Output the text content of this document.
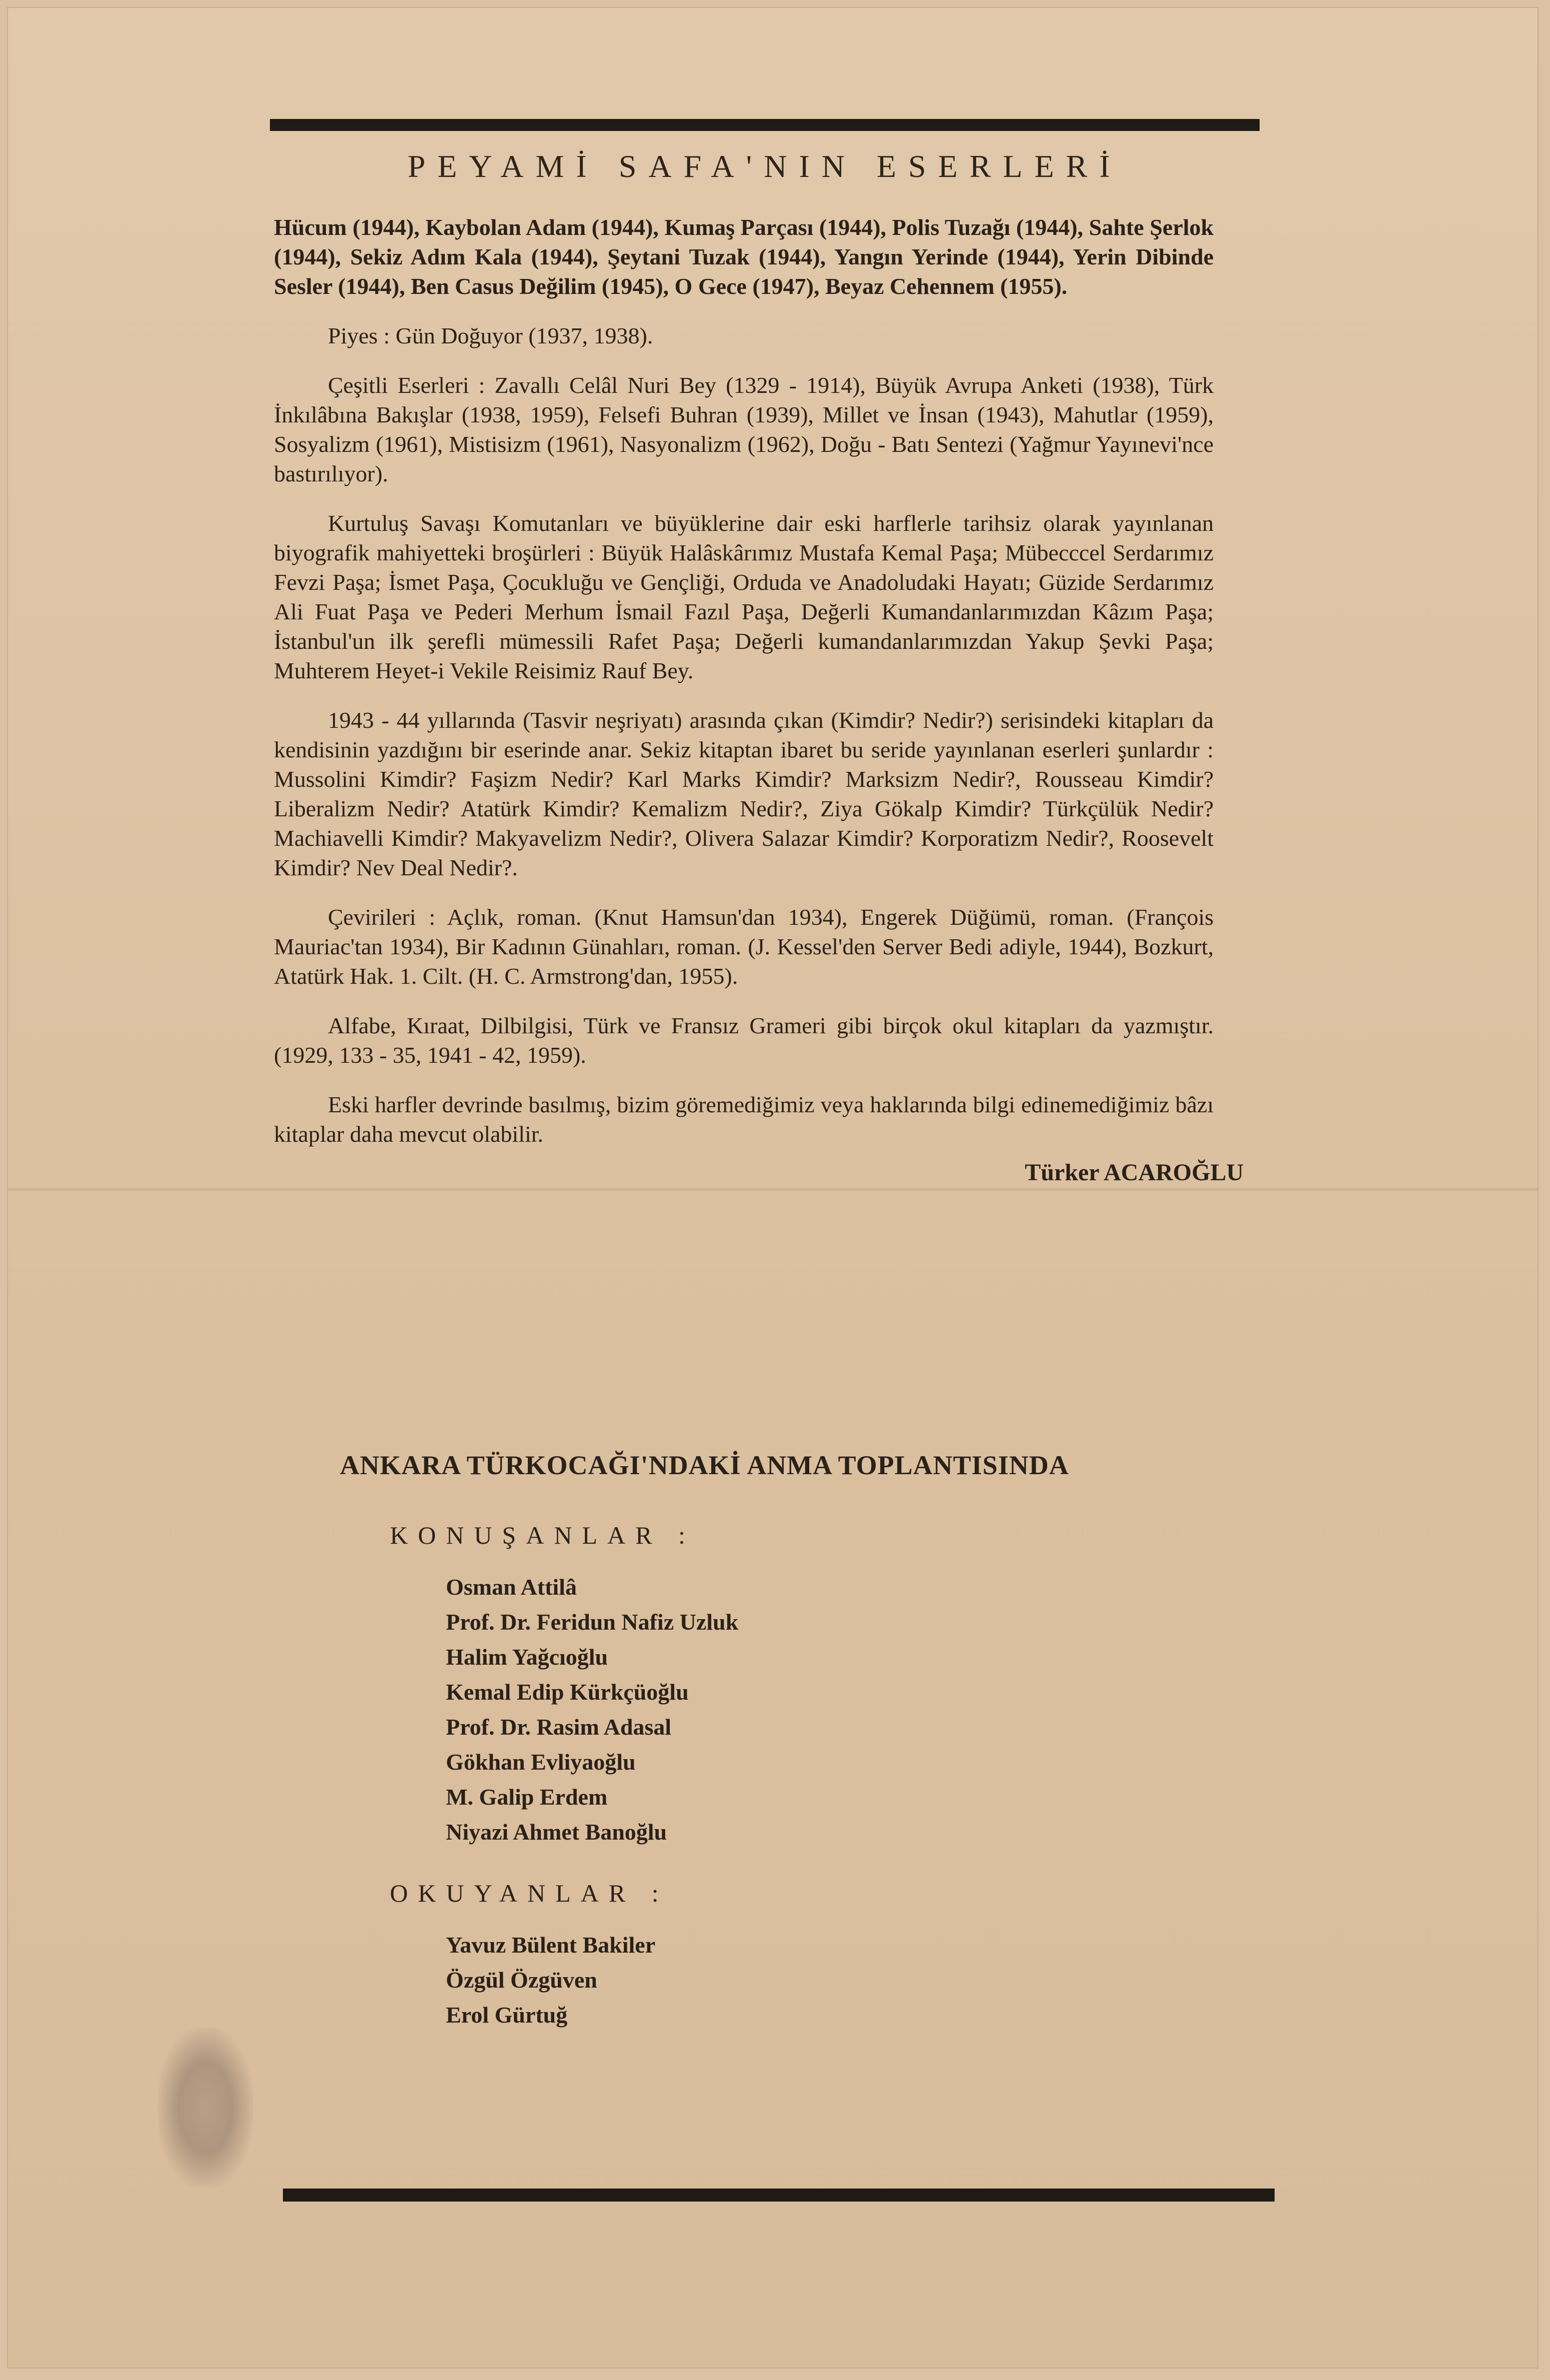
PEYAMİ SAFA'NIN ESERLERİ

Hücum (1944), Kaybolan Adam (1944), Kumaş Parçası (1944), Polis Tuzağı (1944), Sahte Şerlok (1944), Sekiz Adım Kala (1944), Şeytani Tuzak (1944), Yangın Yerinde (1944), Yerin Dibinde Sesler (1944), Ben Casus Değilim (1945), O Gece (1947), Beyaz Cehennem (1955).

Piyes : Gün Doğuyor (1937, 1938).

Çeşitli Eserleri : Zavallı Celâl Nuri Bey (1329 - 1914), Büyük Avrupa Anketi (1938), Türk İnkılâbına Bakışlar (1938, 1959), Felsefi Buhran (1939), Millet ve İnsan (1943), Mahutlar (1959), Sosyalizm (1961), Mistisizm (1961), Nasyonalizm (1962), Doğu - Batı Sentezi (Yağmur Yayınevi'nce bastırılıyor).

Kurtuluş Savaşı Komutanları ve büyüklerine dair eski harflerle tarihsiz olarak yayınlanan biyografik mahiyetteki broşürleri : Büyük Halâskârımız Mustafa Kemal Paşa; Mübecccel Serdarımız Fevzi Paşa; İsmet Paşa, Çocukluğu ve Gençliği, Orduda ve Anadoludaki Hayatı; Güzide Serdarımız Ali Fuat Paşa ve Pederi Merhum İsmail Fazıl Paşa, Değerli Kumandanlarımızdan Kâzım Paşa; İstanbul'un ilk şerefli mümessili Rafet Paşa; Değerli kumandanlarımızdan Yakup Şevki Paşa; Muhterem Heyet-i Vekile Reisimiz Rauf Bey.

1943 - 44 yıllarında (Tasvir neşriyatı) arasında çıkan (Kimdir? Nedir?) serisindeki kitapları da kendisinin yazdığını bir eserinde anar. Sekiz kitaptan ibaret bu seride yayınlanan eserleri şunlardır : Mussolini Kimdir? Faşizm Nedir? Karl Marks Kimdir? Marksizm Nedir?, Rousseau Kimdir? Liberalizm Nedir? Atatürk Kimdir? Kemalizm Nedir?, Ziya Gökalp Kimdir? Türkçülük Nedir? Machiavelli Kimdir? Makyavelizm Nedir?, Olivera Salazar Kimdir? Korporatizm Nedir?, Roosevelt Kimdir? Nev Deal Nedir?.

Çevirileri : Açlık, roman. (Knut Hamsun'dan 1934), Engerek Düğümü, roman. (François Mauriac'tan 1934), Bir Kadının Günahları, roman. (J. Kessel'den Server Bedi adiyle, 1944), Bozkurt, Atatürk Hak. 1. Cilt. (H. C. Armstrong'dan, 1955).

Alfabe, Kıraat, Dilbilgisi, Türk ve Fransız Grameri gibi birçok okul kitapları da yazmıştır. (1929, 133 - 35, 1941 - 42, 1959).

Eski harfler devrinde basılmış, bizim göremediğimiz veya haklarında bilgi edinemediğimiz bâzı kitaplar daha mevcut olabilir.

Türker ACAROĞLU
ANKARA TÜRKOCAĞI'NDAKİ ANMA TOPLANTISINDA
KONUŞANLAR :
Osman Attilâ
Prof. Dr. Feridun Nafiz Uzluk
Halim Yağcıoğlu
Kemal Edip Kürkçüoğlu
Prof. Dr. Rasim Adasal
Gökhan Evliyaoğlu
M. Galip Erdem
Niyazi Ahmet Banoğlu
OKUYANLAR :
Yavuz Bülent Bakiler
Özgül Özgüven
Erol Gürtuğ
